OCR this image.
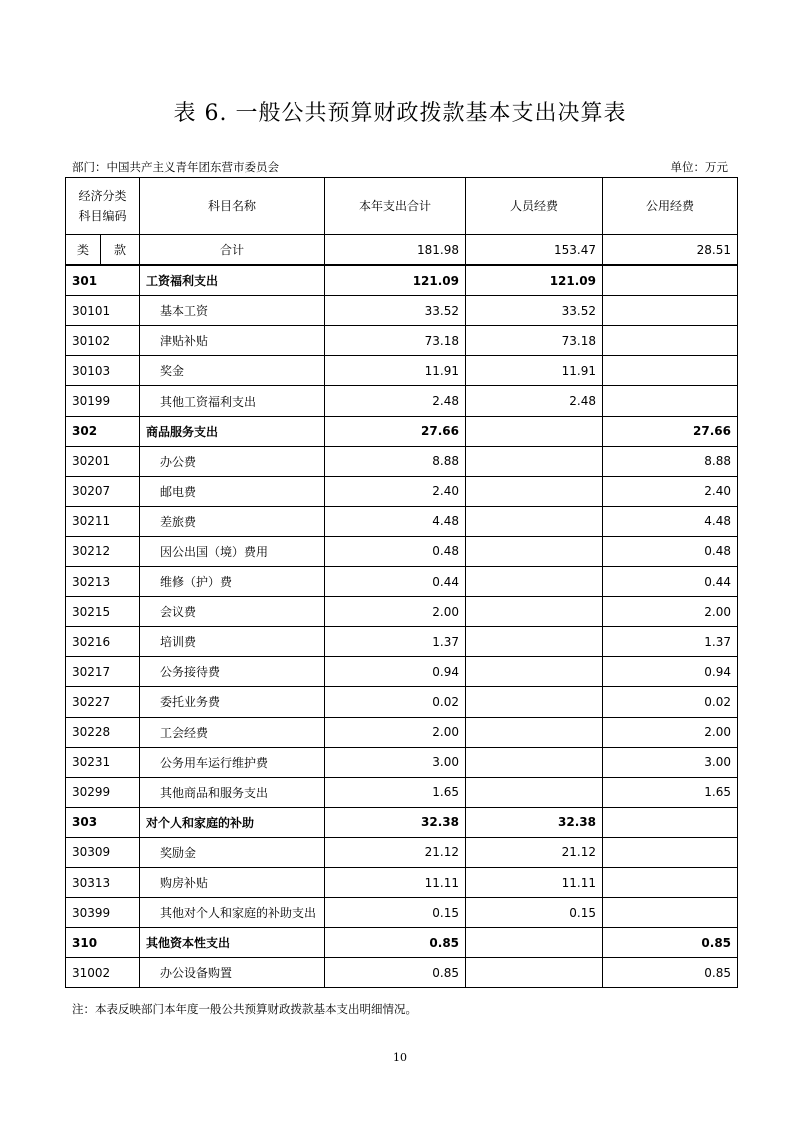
表 6. 一般公共预算财政拨款基本支出决算表
部门：中国共产主义青年团东营市委员会	单位：万元
经济分类
科目编码		科目名称	本年支出合计	人员经费	公用经费
类	款	合计	181.98	153.47	28.51
301		工资福利支出	121.09	121.09	
30101		基本工资	33.52	33.52	
30102		津贴补贴	73.18	73.18	
30103		奖金	11.91	11.91	
30199		其他工资福利支出	2.48	2.48	
302		商品服务支出	27.66		27.66
30201		办公费	8.88		8.88
30207		邮电费	2.40		2.40
30211		差旅费	4.48		4.48
30212		因公出国（境）费用	0.48		0.48
30213		维修（护）费	0.44		0.44
30215		会议费	2.00		2.00
30216		培训费	1.37		1.37
30217		公务接待费	0.94		0.94
30227		委托业务费	0.02		0.02
30228		工会经费	2.00		2.00
30231		公务用车运行维护费	3.00		3.00
30299		其他商品和服务支出	1.65		1.65
303		对个人和家庭的补助	32.38	32.38	
30309		奖励金	21.12	21.12	
30313		购房补贴	11.11	11.11	
30399		其他对个人和家庭的补助支出	0.15	0.15	
310		其他资本性支出	0.85		0.85
31002		办公设备购置	0.85		0.85
注：本表反映部门本年度一般公共预算财政拨款基本支出明细情况。
10
